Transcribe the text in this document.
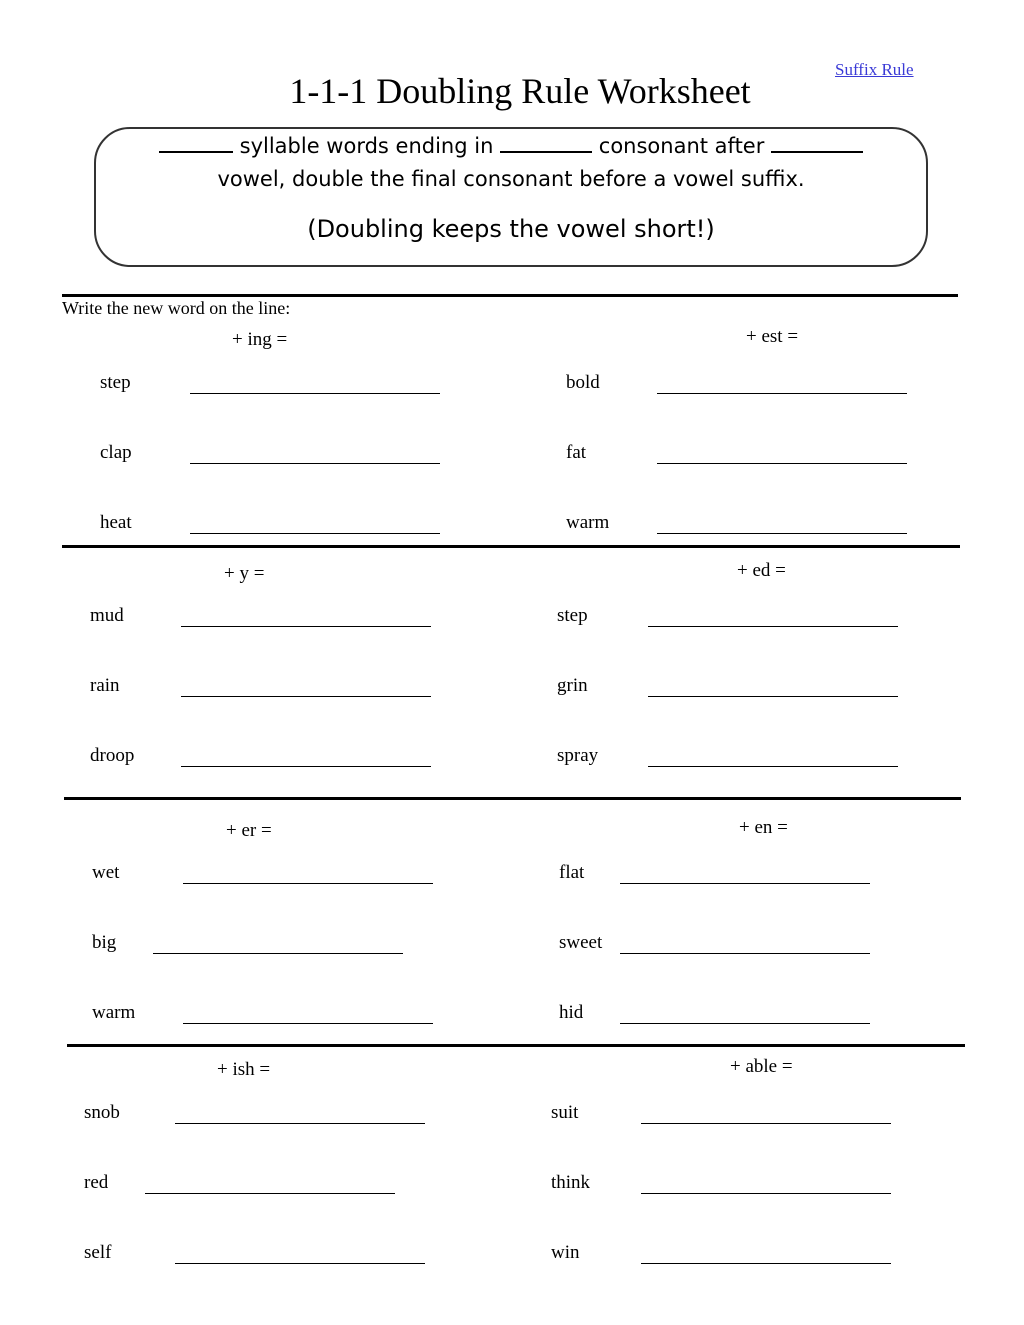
Suffix Rule
1-1-1 Doubling Rule Worksheet
syllable words ending in	consonant after
vowel, double the final consonant before a vowel suffix.
(Doubling keeps the vowel short!)
Write the new word on the line:
+ ing =	+ est =
step	bold
clap	fat
heat	warm
+ y =	+ ed =
mud	step
rain	grin
droop	spray
+ er =	+ en =
wet	flat
big	sweet
warm	hid
+ ish =	+ able =
snob	suit
red	think
self	win
